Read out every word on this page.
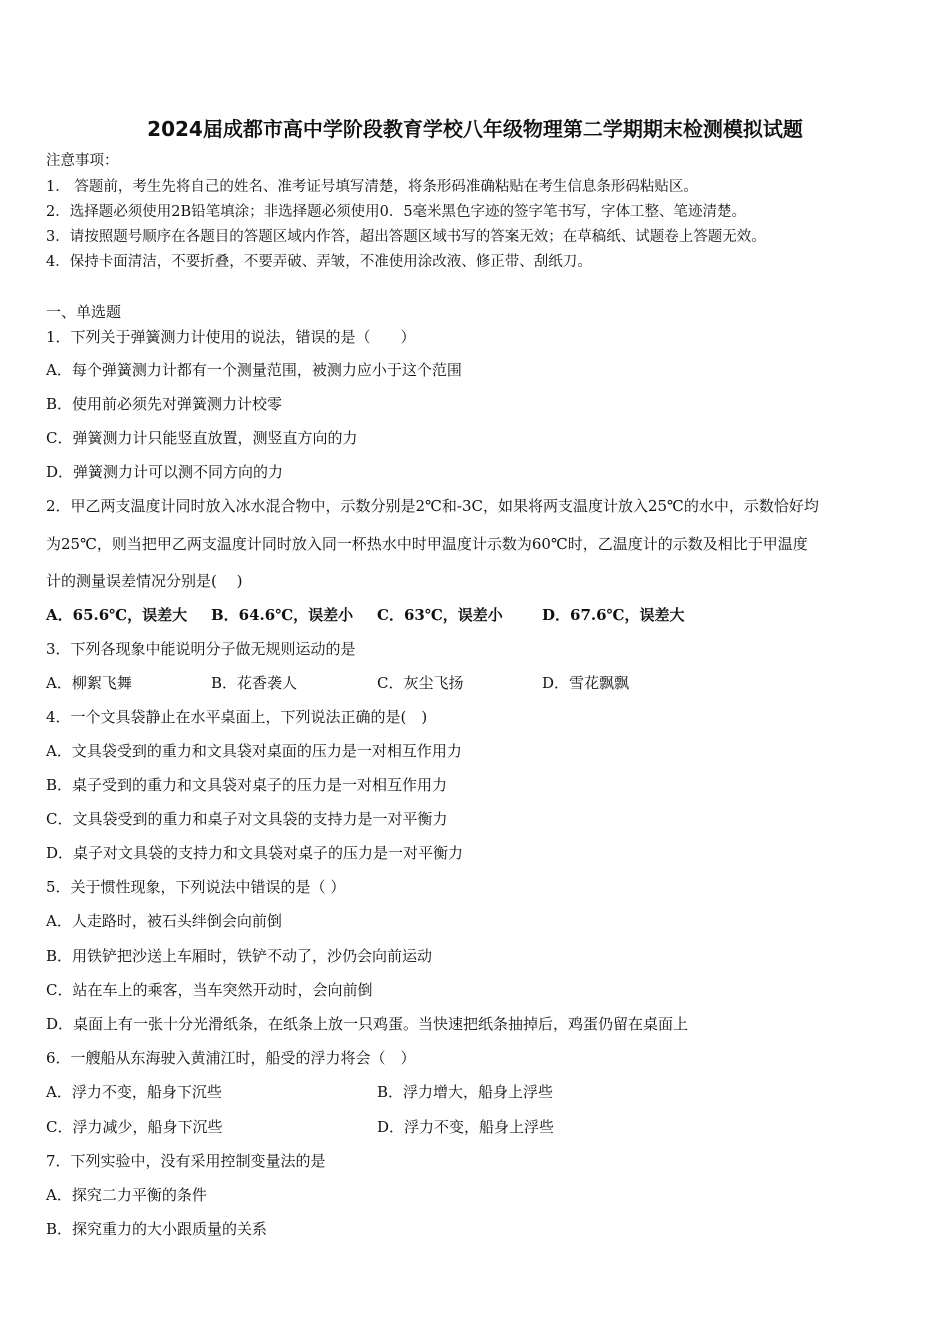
2024届成都市高中学阶段教育学校八年级物理第二学期期末检测模拟试题
注意事项：
1． 答题前，考生先将自己的姓名、准考证号填写清楚，将条形码准确粘贴在考生信息条形码粘贴区。
2．选择题必须使用2B铅笔填涂；非选择题必须使用0．5毫米黑色字迹的签字笔书写，字体工整、笔迹清楚。
3．请按照题号顺序在各题目的答题区域内作答，超出答题区域书写的答案无效；在草稿纸、试题卷上答题无效。
4．保持卡面清洁，不要折叠，不要弄破、弄皱，不准使用涂改液、修正带、刮纸刀。
一、单选题
1．下列关于弹簧测力计使用的说法，错误的是（　　）
A．每个弹簧测力计都有一个测量范围，被测力应小于这个范围
B．使用前必须先对弹簧测力计校零
C．弹簧测力计只能竖直放置，测竖直方向的力
D．弹簧测力计可以测不同方向的力
2．甲乙两支温度计同时放入冰水混合物中，示数分别是2℃和-3C，如果将两支温度计放入25℃的水中，示数恰好均
为25℃，则当把甲乙两支温度计同时放入同一杯热水中时甲温度计示数为60℃时，乙温度计的示数及相比于甲温度
计的测量误差情况分别是(　 )
A．65.6℃，误差大 B．64.6℃，误差小 C．63℃，误差小	D．67.6℃，误差大
3．下列各现象中能说明分子做无规则运动的是
A．柳絮飞舞	B．花香袭人	C．灰尘飞扬	D．雪花飘飘
4．一个文具袋静止在水平桌面上，下列说法正确的是(　)
A．文具袋受到的重力和文具袋对桌面的压力是一对相互作用力
B．桌子受到的重力和文具袋对桌子的压力是一对相互作用力
C．文具袋受到的重力和桌子对文具袋的支持力是一对平衡力
D．桌子对文具袋的支持力和文具袋对桌子的压力是一对平衡力
5．关于惯性现象，下列说法中错误的是（ ）
A．人走路时，被石头绊倒会向前倒
B．用铁铲把沙送上车厢时，铁铲不动了，沙仍会向前运动
C．站在车上的乘客，当车突然开动时，会向前倒
D．桌面上有一张十分光滑纸条，在纸条上放一只鸡蛋。当快速把纸条抽掉后，鸡蛋仍留在桌面上
6．一艘船从东海驶入黄浦江时，船受的浮力将会（　）
A．浮力不变，船身下沉些	B．浮力增大，船身上浮些
C．浮力减少，船身下沉些	D．浮力不变，船身上浮些
7．下列实验中，没有采用控制变量法的是
A．探究二力平衡的条件
B．探究重力的大小跟质量的关系
